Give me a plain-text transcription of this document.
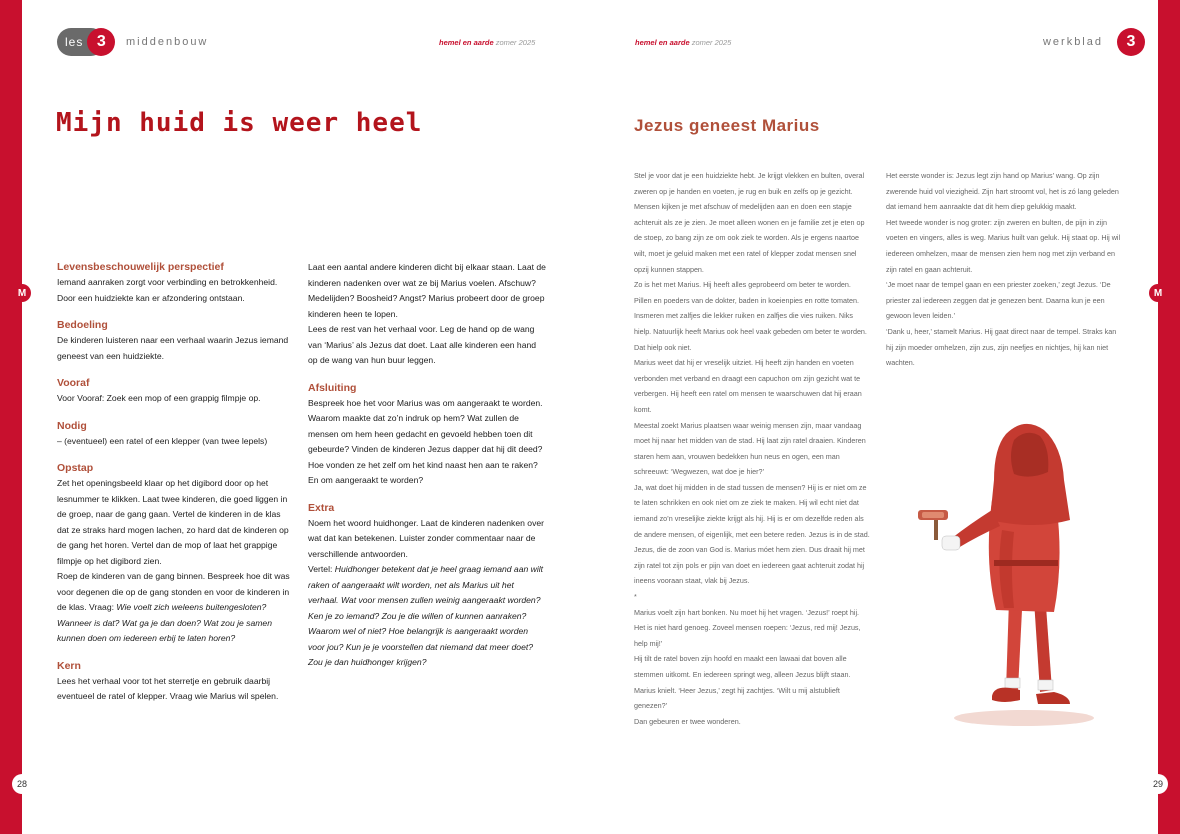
M	M
28	29
les 3	middenbouw	hemel en aarde zomer 2025	hemel en aarde zomer 2025	werkblad	3
Mijn huid is weer heel	Jezus geneest Marius
Levensbeschouwelijk perspectief

Iemand aanraken zorgt voor verbinding en betrokkenheid. Door een huidziekte kan er afzondering ontstaan.

Bedoeling

De kinderen luisteren naar een verhaal waarin Jezus iemand geneest van een huidziekte.

Vooraf

Voor Vooraf: Zoek een mop of een grappig filmpje op.

Nodig

– (eventueel) een ratel of een klepper (van twee lepels)

Opstap

Zet het openingsbeeld klaar op het digibord door op het lesnummer te klikken. Laat twee kinderen, die goed liggen in de groep, naar de gang gaan. Vertel de kinderen in de klas dat ze straks hard mogen lachen, zo hard dat de kinderen op de gang het horen. Vertel dan de mop of laat het grappige filmpje op het digibord zien.

Roep de kinderen van de gang binnen. Bespreek hoe dit was voor degenen die op de gang stonden en voor de kinderen in de klas. Vraag: Wie voelt zich weleens buitengesloten? Wanneer is dat? Wat ga je dan doen? Wat zou je samen kunnen doen om iedereen erbij te laten horen?

Kern

Lees het verhaal voor tot het sterretje en gebruik daarbij eventueel de ratel of klepper. Vraag wie Marius wil spelen.

Laat een aantal andere kinderen dicht bij elkaar staan. Laat de kinderen nadenken over wat ze bij Marius voelen. Afschuw? Medelijden? Boosheid? Angst? Marius probeert door de groep kinderen heen te lopen.

Lees de rest van het verhaal voor. Leg de hand op de wang van ‘Marius’ als Jezus dat doet. Laat alle kinderen een hand op de wang van hun buur leggen.

Afsluiting

Bespreek hoe het voor Marius was om aangeraakt te worden. Waarom maakte dat zo’n indruk op hem? Wat zullen de mensen om hem heen gedacht en gevoeld hebben toen dit gebeurde? Vinden de kinderen Jezus dapper dat hij dit deed? Hoe vonden ze het zelf om het kind naast hen aan te raken? En om aangeraakt te worden?

Extra

Noem het woord huidhonger. Laat de kinderen nadenken over wat dat kan betekenen. Luister zonder commentaar naar de verschillende antwoorden.

Vertel: Huidhonger betekent dat je heel graag iemand aan wilt raken of aangeraakt wilt worden, net als Marius uit het verhaal. Wat voor mensen zullen weinig aangeraakt worden? Ken je zo iemand? Zou je die willen of kunnen aanraken? Waarom wel of niet? Hoe belangrijk is aangeraakt worden voor jou? Kun je je voorstellen dat niemand dat meer doet? Zou je dan huidhonger krijgen?

Stel je voor dat je een huidziekte hebt. Je krijgt vlekken en bulten, overal zweren op je handen en voeten, je rug en buik en zelfs op je gezicht. Mensen kijken je met afschuw of medelijden aan en doen een stapje achteruit als ze je zien. Je moet alleen wonen en je familie zet je eten op de stoep, zo bang zijn ze om ook ziek te worden. Als je ergens naartoe wilt, moet je geluid maken met een ratel of klepper zodat mensen snel opzij kunnen stappen.

Zo is het met Marius. Hij heeft alles geprobeerd om beter te worden. Pillen en poeders van de dokter, baden in koeienpies en rotte tomaten. Insmeren met zalfjes die lekker ruiken en zalfjes die vies ruiken. Niks hielp. Natuurlijk heeft Marius ook heel vaak gebeden om beter te worden. Dat hielp ook niet.

Marius weet dat hij er vreselijk uitziet. Hij heeft zijn handen en voeten verbonden met verband en draagt een capuchon om zijn gezicht wat te verbergen. Hij heeft een ratel om mensen te waarschuwen dat hij eraan komt.

Meestal zoekt Marius plaatsen waar weinig mensen zijn, maar vandaag moet hij naar het midden van de stad. Hij laat zijn ratel draaien. Kinderen staren hem aan, vrouwen bedekken hun neus en ogen, een man schreeuwt: ‘Wegwezen, wat doe je hier?’

Ja, wat doet hij midden in de stad tussen de mensen? Hij is er niet om ze te laten schrikken en ook niet om ze ziek te maken. Hij wil echt niet dat iemand zo’n vreselijke ziekte krijgt als hij. Hij is er om dezelfde reden als de andere mensen, of eigenlijk, met een betere reden. Jezus is in de stad. Jezus, die de zoon van God is. Marius móet hem zien. Dus draait hij met zijn ratel tot zijn pols er pijn van doet en iedereen gaat achteruit zodat hij ineens vooraan staat, vlak bij Jezus.

*

Marius voelt zijn hart bonken. Nu moet hij het vragen. ‘Jezus!’ roept hij.

Het is niet hard genoeg. Zoveel mensen roepen: ‘Jezus, red mij! Jezus, help mij!’

Hij tilt de ratel boven zijn hoofd en maakt een lawaai dat boven alle stemmen uitkomt. En iedereen springt weg, alleen Jezus blijft staan.

Marius knielt. ‘Heer Jezus,’ zegt hij zachtjes. ‘Wilt u mij alstublieft genezen?’

Dan gebeuren er twee wonderen.

Het eerste wonder is: Jezus legt zijn hand op Marius’ wang. Op zijn zwerende huid vol viezigheid. Zijn hart stroomt vol, het is zó lang geleden dat iemand hem aanraakte dat dit hem diep gelukkig maakt.

Het tweede wonder is nog groter: zijn zweren en bulten, de pijn in zijn voeten en vingers, alles is weg. Marius huilt van geluk. Hij staat op. Hij wil iedereen omhelzen, maar de mensen zien hem nog met zijn verband en zijn ratel en gaan achteruit.

‘Je moet naar de tempel gaan en een priester zoeken,’ zegt Jezus. ‘De priester zal iedereen zeggen dat je genezen bent. Daarna kun je een gewoon leven leiden.’

‘Dank u, heer,’ stamelt Marius. Hij gaat direct naar de tempel. Straks kan hij zijn moeder omhelzen, zijn zus, zijn neefjes en nichtjes, hij kan niet wachten.
